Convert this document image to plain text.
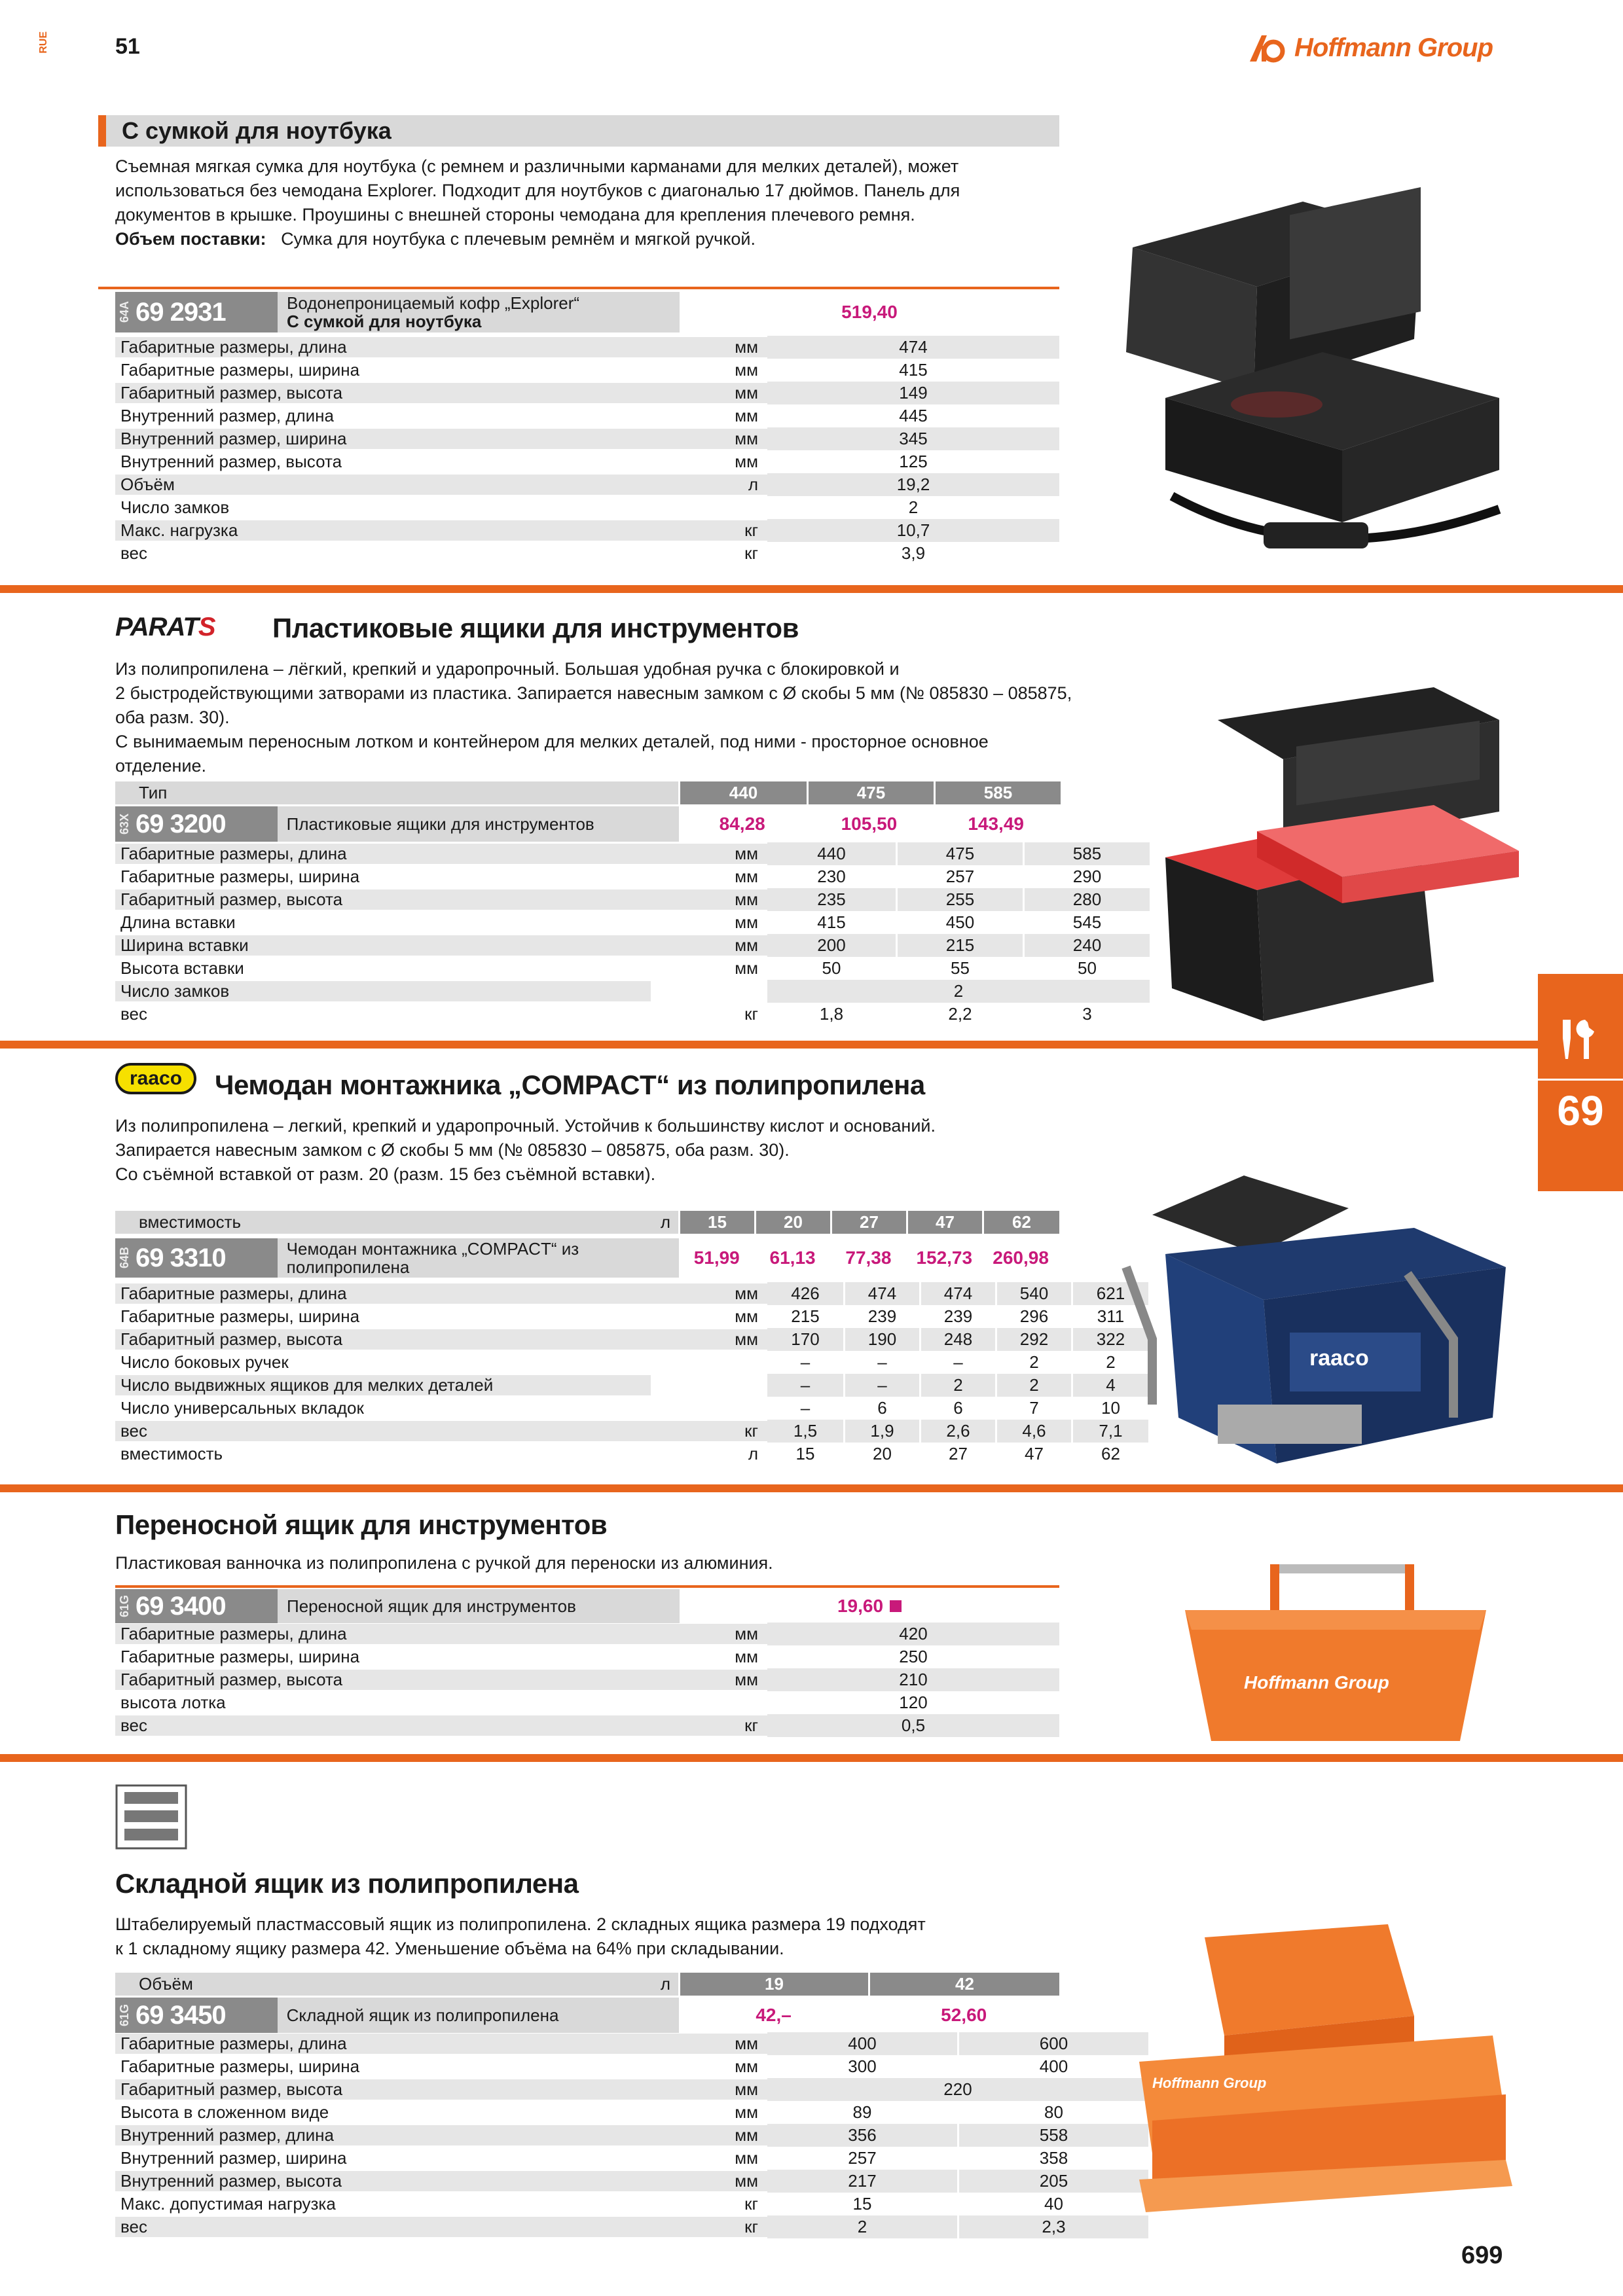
RUE	51	Hoffmann Group
С сумкой для ноутбука
Съемная мягкая сумка для ноутбука (с ремнем и различными карманами для мелких деталей), может
использоваться без чемодана Explorer. Подходит для ноутбуков с диагональю 17 дюймов. Панель для
документов в крышке. Проушины с внешней стороны чемодана для крепления плечевого ремня.
Объем поставки: Сумка для ноутбука с плечевым ремнём и мягкой ручкой.
64A 69 2931	Водонепроницаемый кофр „Explorer“
С сумкой для ноутбука	519,40
Габаритные размеры, длина	мм	474
Габаритные размеры, ширина	мм	415
Габаритный размер, высота	мм	149
Внутренний размер, длина	мм	445
Внутренний размер, ширина	мм	345
Внутренний размер, высота	мм	125
Объём	л	19,2
Число замков	2
Макс. нагрузка	кг	10,7
вес	кг	3,9
PARATS Пластиковые ящики для инструментов
Из полипропилена – лёгкий, крепкий и ударопрочный. Большая удобная ручка с блокировкой и
2 быстродействующими затворами из пластика. Запирается навесным замком с Ø скобы 5 мм (№ 085830 – 085875,
оба разм. 30).
С вынимаемым переносным лотком и контейнером для мелких деталей, под ними - просторное основное
отделение.
Тип	440	475	585
63X 69 3200	Пластиковые ящики для инструментов	84,28	105,50	143,49
Габаритные размеры, длина	мм	440	475	585
Габаритные размеры, ширина	мм	230	257	290
Габаритный размер, высота	мм	235	255	280
Длина вставки	мм	415	450	545
Ширина вставки	мм	200	215	240
Высота вставки	мм	50	55	50
Число замков	2
вес	кг	1,8	2,2	3
raaco Чемодан монтажника „COMPACT“ из полипропилена
Из полипропилена – легкий, крепкий и ударопрочный. Устойчив к большинству кислот и оснований.
Запирается навесным замком с Ø скобы 5 мм (№ 085830 – 085875, оба разм. 30).
Со съёмной вставкой от разм. 20 (разм. 15 без съёмной вставки).
вместимость	л	15	20	27	47	62
64B 69 3310	Чемодан монтажника „COMPACT“ из полипропилена	51,99	61,13	77,38	152,73	260,98
Габаритные размеры, длина	мм	426	474	474	540	621
Габаритные размеры, ширина	мм	215	239	239	296	311
Габаритный размер, высота	мм	170	190	248	292	322
Число боковых ручек	–	–	–	2	2
Число выдвижных ящиков для мелких деталей	–	–	2	2	4
Число универсальных вкладок	–	6	6	7	10
вес	кг	1,5	1,9	2,6	4,6	7,1
вместимость	л	15	20	27	47	62
raaco
Переносной ящик для инструментов
Пластиковая ванночка из полипропилена с ручкой для переноски из алюминия.
61G 69 3400	Переносной ящик для инструментов	19,60
Габаритные размеры, длина	мм	420
Габаритные размеры, ширина	мм	250
Габаритный размер, высота	мм	210
высота лотка	120
вес	кг	0,5
Hoffmann Group
Складной ящик из полипропилена
Штабелируемый пластмассовый ящик из полипропилена. 2 складных ящика размера 19 подходят
к 1 складному ящику размера 42. Уменьшение объёма на 64% при складывании.
Объём	л	19	42
61G 69 3450	Складной ящик из полипропилена	42,–	52,60
Габаритные размеры, длина	мм	400	600
Габаритные размеры, ширина	мм	300	400
Габаритный размер, высота	мм	220
Высота в сложенном виде	мм	89	80
Внутренний размер, длина	мм	356	558
Внутренний размер, ширина	мм	257	358
Внутренний размер, высота	мм	217	205
Макс. допустимая нагрузка	кг	15	40
вес	кг	2	2,3
Hoffmann Group
69
699
